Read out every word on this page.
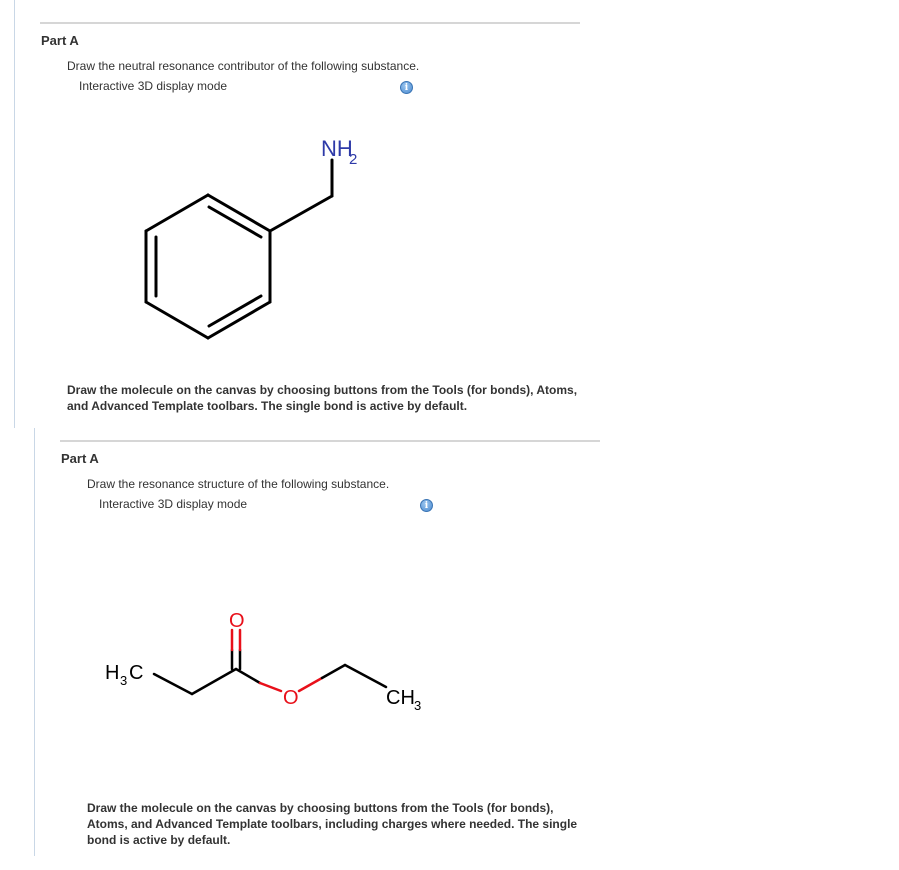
Part A
Draw the neutral resonance contributor of the following substance.
Interactive 3D display mode	i
NH
2
Draw the molecule on the canvas by choosing buttons from the Tools (for bonds), Atoms, and Advanced Template toolbars. The single bond is active by default.
Part A
Draw the resonance structure of the following substance.
Interactive 3D display mode	i
O
O
H 3 C
CH 3
Draw the molecule on the canvas by choosing buttons from the Tools (for bonds), Atoms, and Advanced Template toolbars, including charges where needed. The single bond is active by default.
